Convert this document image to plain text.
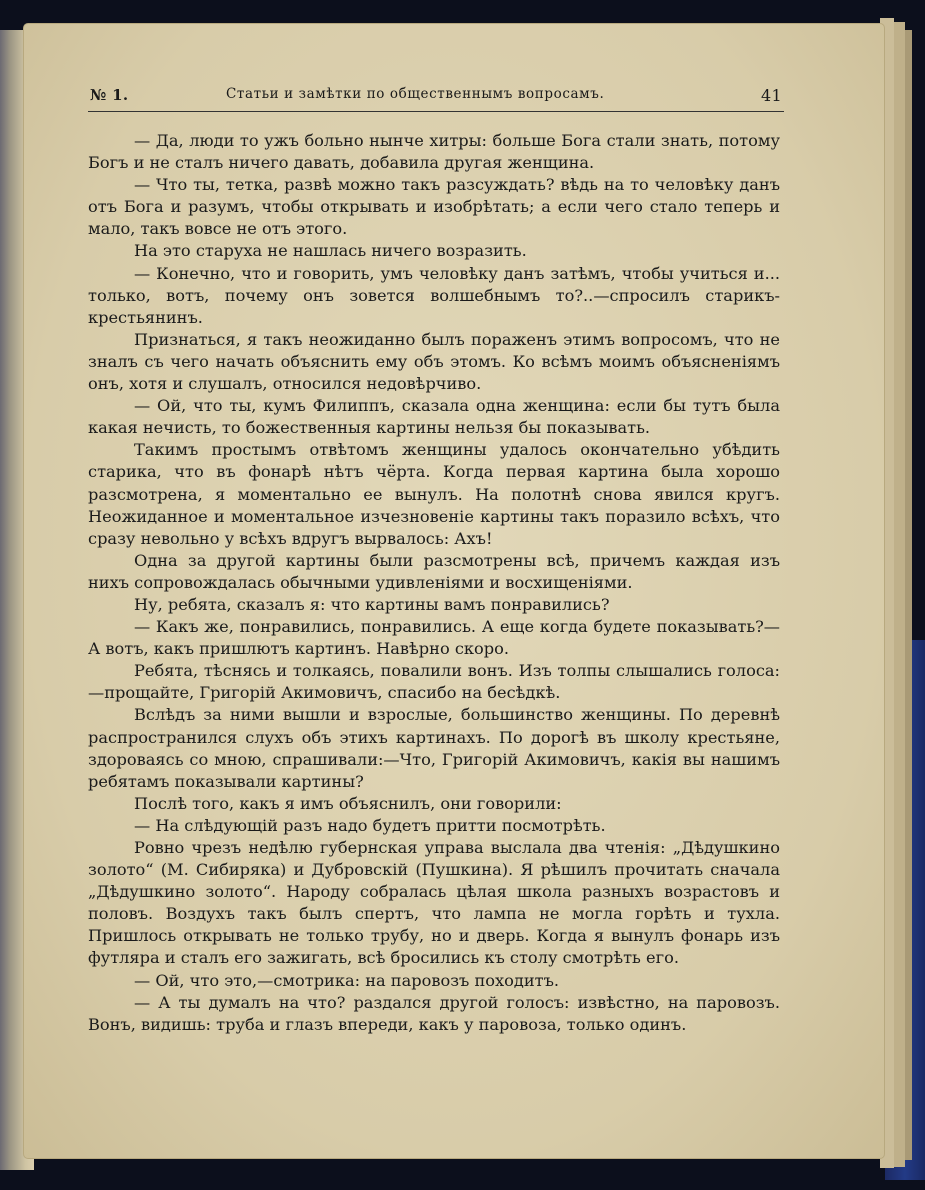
№ 1.	Статьи и замѣтки по общественнымъ вопросамъ.	41

— Да, люди то ужъ больно нынче хитры: больше Бога стали знать, потому Богъ и не сталъ ничего давать, добавила другая женщина.

— Что ты, тетка, развѣ можно такъ разсуждать? вѣдь на то человѣку данъ отъ Бога и разумъ, чтобы открывать и изобрѣтать; а если чего стало теперь и мало, такъ вовсе не отъ этого.

На это старуха не нашлась ничего возразить.

— Конечно, что и говорить, умъ человѣку данъ затѣмъ, чтобы учиться и... только, вотъ, почему онъ зовется волшебнымъ то?..—спросилъ старикъ-крестьянинъ.

Признаться, я такъ неожиданно былъ пораженъ этимъ вопросомъ, что не зналъ съ чего начать объяснить ему объ этомъ. Ко всѣмъ моимъ объясненіямъ онъ, хотя и слушалъ, относился недовѣрчиво.

— Ой, что ты, кумъ Филиппъ, сказала одна женщина: если бы тутъ была какая нечисть, то божественныя картины нельзя бы показывать.

Такимъ простымъ отвѣтомъ женщины удалось окончательно убѣдить старика, что въ фонарѣ нѣтъ чёрта. Когда первая картина была хорошо разсмотрена, я моментально ее вынулъ. На полотнѣ снова явился кругъ. Неожиданное и моментальное изчезновеніе картины такъ поразило всѣхъ, что сразу невольно у всѣхъ вдругъ вырвалось: Ахъ!

Одна за другой картины были разсмотрены всѣ, причемъ каждая изъ нихъ сопровождалась обычными удивленіями и восхищеніями.

Ну, ребята, сказалъ я: что картины вамъ понравились?

— Какъ же, понравились, понравились. А еще когда будете показывать?—А вотъ, какъ пришлютъ картинъ. Навѣрно скоро.

Ребята, тѣснясь и толкаясь, повалили вонъ. Изъ толпы слышались голоса:—прощайте, Григорій Акимовичъ, спасибо на бесѣдкѣ.

Вслѣдъ за ними вышли и взрослые, большинство женщины. По деревнѣ распространился слухъ объ этихъ картинахъ. По дорогѣ въ школу крестьяне, здороваясь со мною, спрашивали:—Что, Григорій Акимовичъ, какія вы нашимъ ребятамъ показывали картины?

Послѣ того, какъ я имъ объяснилъ, они говорили:

— На слѣдующій разъ надо будетъ притти посмотрѣть.

Ровно чрезъ недѣлю губернская управа выслала два чтенія: „Дѣдушкино золото“ (М. Сибиряка) и Дубровскій (Пушкина). Я рѣшилъ прочитать сначала „Дѣдушкино золото“. Народу собралась цѣлая школа разныхъ возрастовъ и половъ. Воздухъ такъ былъ спертъ, что лампа не могла горѣть и тухла. Пришлось открывать не только трубу, но и дверь. Когда я вынулъ фонарь изъ футляра и сталъ его зажигать, всѣ бросились къ столу смотрѣть его.

— Ой, что это,—смотрика: на паровозъ походитъ.

— А ты думалъ на что? раздался другой голосъ: извѣстно, на паровозъ. Вонъ, видишь: труба и глазъ впереди, какъ у паровоза, только одинъ.
